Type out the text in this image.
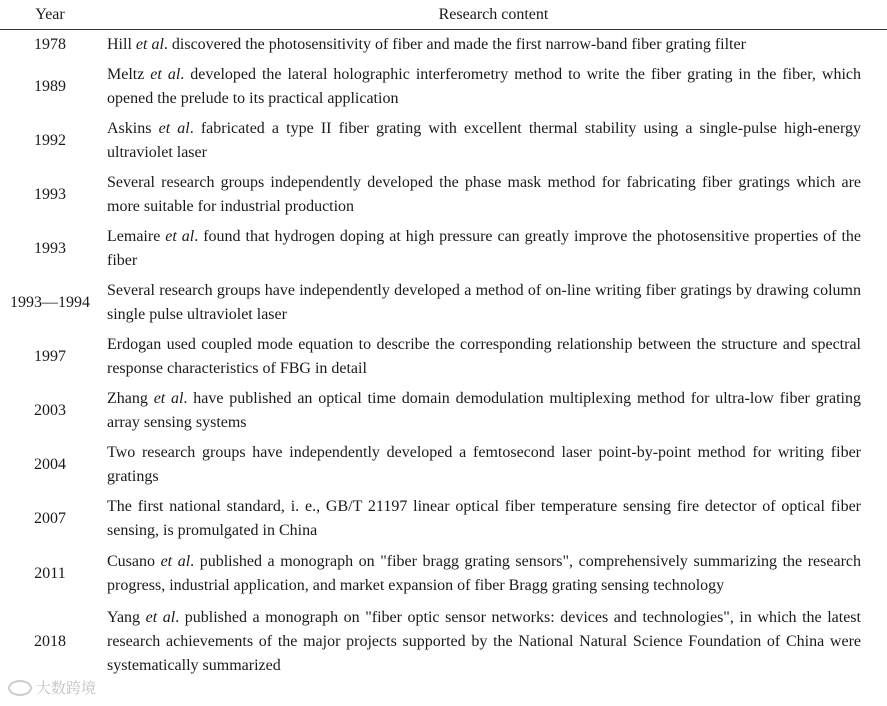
Year	Research content
1978	Hill et al. discovered the photosensitivity of fiber and made the first narrow-band fiber grating filter
1989	Meltz et al. developed the lateral holographic interferometry method to write the fiber grating in the fiber, which opened the prelude to its practical application
1992	Askins et al. fabricated a type II fiber grating with excellent thermal stability using a single-pulse high-energy ultraviolet laser
1993	Several research groups independently developed the phase mask method for fabricating fiber gratings which are more suitable for industrial production
1993	Lemaire et al. found that hydrogen doping at high pressure can greatly improve the photosensitive properties of the fiber
1993—1994	Several research groups have independently developed a method of on-line writing fiber gratings by drawing column single pulse ultraviolet laser
1997	Erdogan used coupled mode equation to describe the corresponding relationship between the structure and spectral response characteristics of FBG in detail
2003	Zhang et al. have published an optical time domain demodulation multiplexing method for ultra-low fiber grating array sensing systems
2004	Two research groups have independently developed a femtosecond laser point-by-point method for writing fiber gratings
2007	The first national standard, i. e., GB/T 21197 linear optical fiber temperature sensing fire detector of optical fiber sensing, is promulgated in China
2011	Cusano et al. published a monograph on "fiber bragg grating sensors", comprehensively summarizing the research progress, industrial application, and market expansion of fiber Bragg grating sensing technology
2018	Yang et al. published a monograph on "fiber optic sensor networks: devices and technologies", in which the latest research achievements of the major projects supported by the National Natural Science Foundation of China were systematically summarized
大数跨境
